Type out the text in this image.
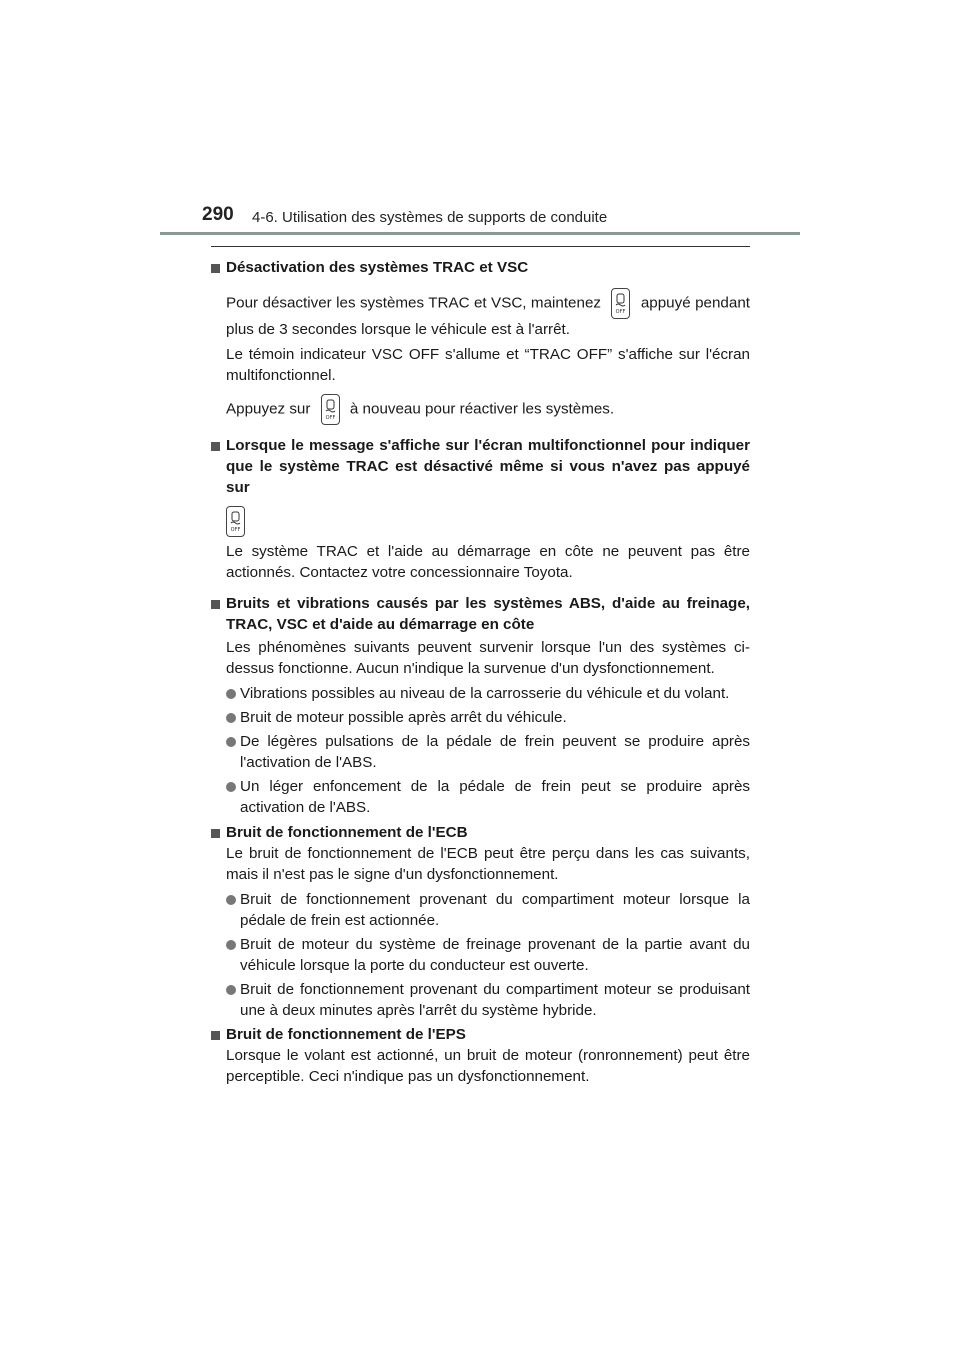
290 4-6. Utilisation des systèmes de supports de conduite
Désactivation des systèmes TRAC et VSC
Pour désactiver les systèmes TRAC et VSC, maintenez
OFF
appuyé pendant plus de 3 secondes lorsque le véhicule est à l'arrêt.
Le témoin indicateur VSC OFF s'allume et “TRAC OFF” s'affiche sur l'écran multifonctionnel.
Appuyez sur
OFF
à nouveau pour réactiver les systèmes.
Lorsque le message s'affiche sur l'écran multifonctionnel pour indiquer que le système TRAC est désactivé même si vous n'avez pas appuyé sur
OFF
Le système TRAC et l'aide au démarrage en côte ne peuvent pas être actionnés. Contactez votre concessionnaire Toyota.
Bruits et vibrations causés par les systèmes ABS, d'aide au freinage, TRAC, VSC et d'aide au démarrage en côte
Les phénomènes suivants peuvent survenir lorsque l'un des systèmes ci-dessus fonctionne. Aucun n'indique la survenue d'un dysfonctionnement.
Vibrations possibles au niveau de la carrosserie du véhicule et du volant.
Bruit de moteur possible après arrêt du véhicule.
De légères pulsations de la pédale de frein peuvent se produire après l'activation de l'ABS.
Un léger enfoncement de la pédale de frein peut se produire après activation de l'ABS.
Bruit de fonctionnement de l'ECB
Le bruit de fonctionnement de l'ECB peut être perçu dans les cas suivants, mais il n'est pas le signe d'un dysfonctionnement.
Bruit de fonctionnement provenant du compartiment moteur lorsque la pédale de frein est actionnée.
Bruit de moteur du système de freinage provenant de la partie avant du véhicule lorsque la porte du conducteur est ouverte.
Bruit de fonctionnement provenant du compartiment moteur se produisant une à deux minutes après l'arrêt du système hybride.
Bruit de fonctionnement de l'EPS
Lorsque le volant est actionné, un bruit de moteur (ronronnement) peut être perceptible. Ceci n'indique pas un dysfonctionnement.
